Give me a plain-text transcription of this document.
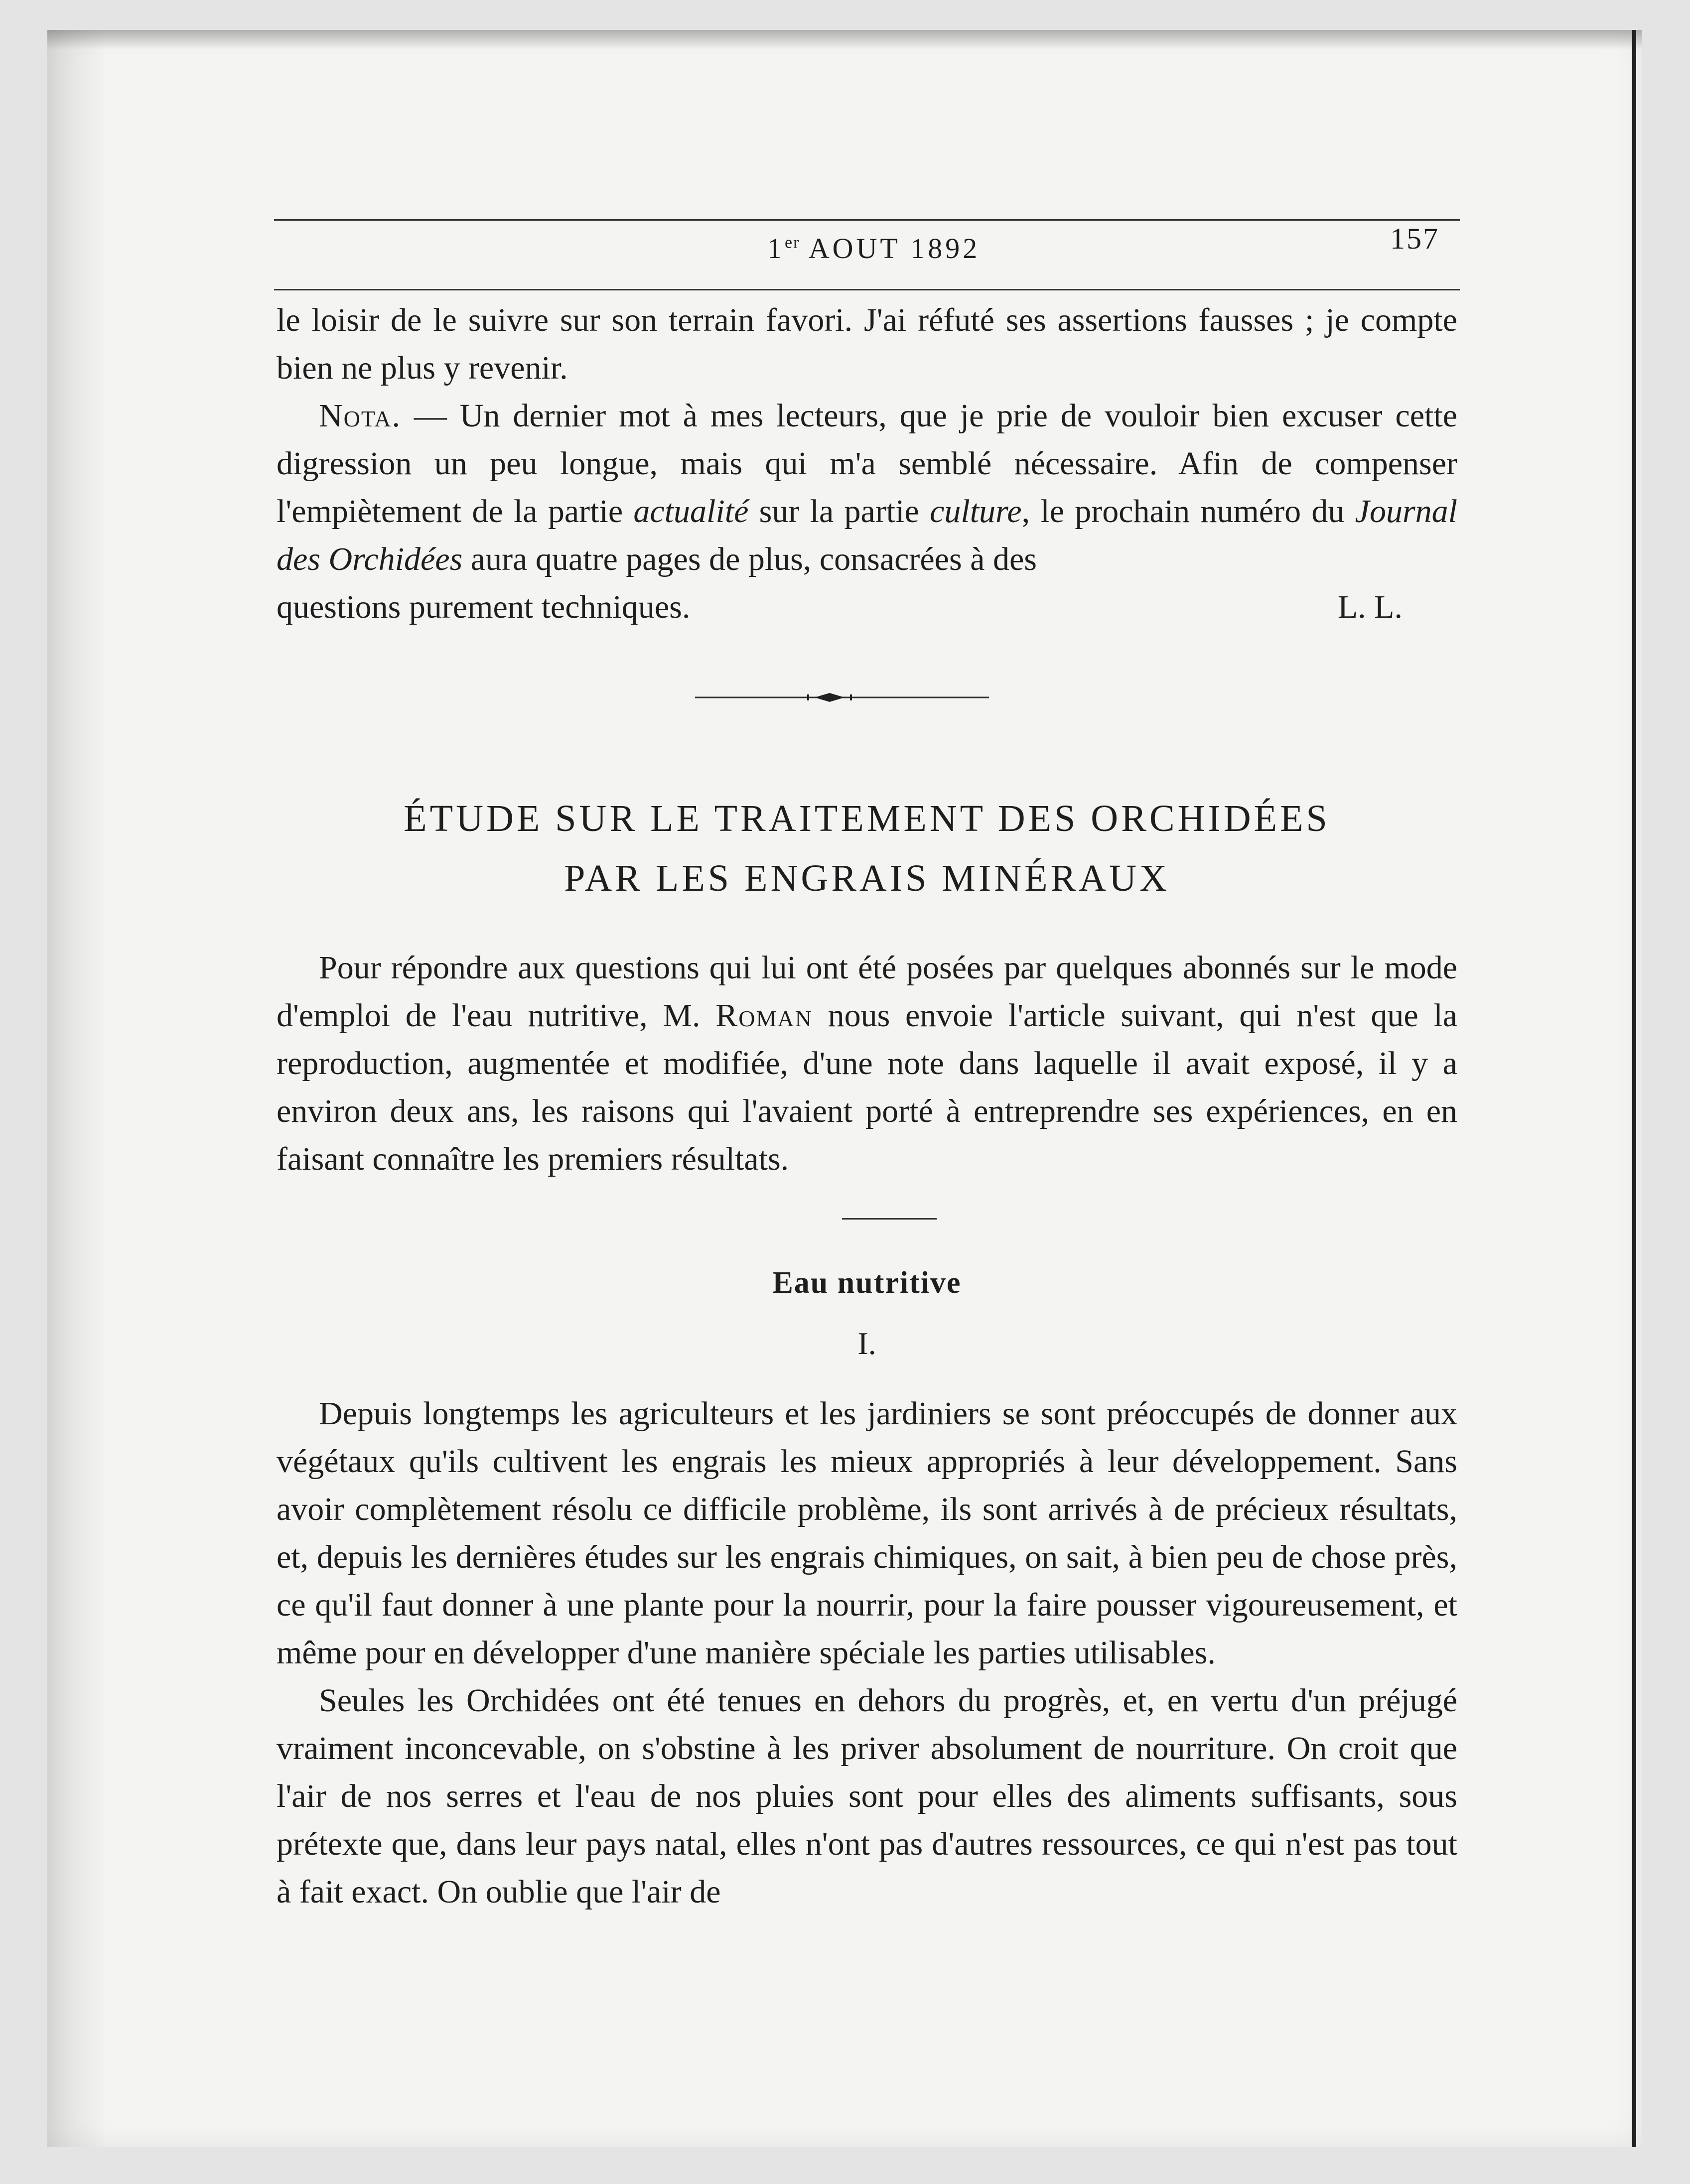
1er AOUT 1892	157

le loisir de le suivre sur son terrain favori. J'ai réfuté ses assertions fausses ; je compte bien ne plus y revenir.

Nota. — Un dernier mot à mes lecteurs, que je prie de vouloir bien excuser cette digression un peu longue, mais qui m'a semblé nécessaire. Afin de compenser l'empiètement de la partie actualité sur la partie culture, le prochain numéro du Journal des Orchidées aura quatre pages de plus, consacrées à des

questions purement techniques.	L. L.
ÉTUDE SUR LE TRAITEMENT DES ORCHIDÉES
PAR LES ENGRAIS MINÉRAUX

Pour répondre aux questions qui lui ont été posées par quelques abonnés sur le mode d'emploi de l'eau nutritive, M. Roman nous envoie l'article suivant, qui n'est que la reproduction, augmentée et modifiée, d'une note dans laquelle il avait exposé, il y a environ deux ans, les raisons qui l'avaient porté à entreprendre ses expériences, en en faisant connaître les premiers résultats.

Eau nutritive
I.

Depuis longtemps les agriculteurs et les jardiniers se sont préoccupés de donner aux végétaux qu'ils cultivent les engrais les mieux appropriés à leur développement. Sans avoir complètement résolu ce difficile problème, ils sont arrivés à de précieux résultats, et, depuis les dernières études sur les engrais chimiques, on sait, à bien peu de chose près, ce qu'il faut donner à une plante pour la nourrir, pour la faire pousser vigoureusement, et même pour en développer d'une manière spéciale les parties utilisables.

Seules les Orchidées ont été tenues en dehors du progrès, et, en vertu d'un préjugé vraiment inconcevable, on s'obstine à les priver absolument de nourriture. On croit que l'air de nos serres et l'eau de nos pluies sont pour elles des aliments suffisants, sous prétexte que, dans leur pays natal, elles n'ont pas d'autres ressources, ce qui n'est pas tout à fait exact. On oublie que l'air de
